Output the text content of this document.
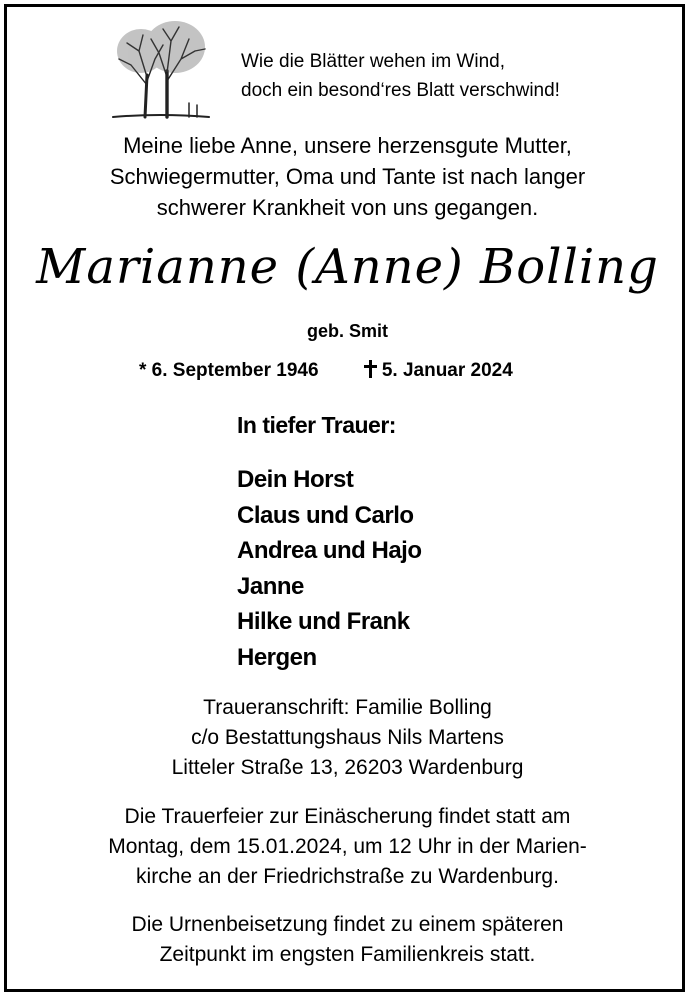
Wie die Blätter wehen im Wind,
doch ein besond‘res Blatt verschwind!
Meine liebe Anne, unsere herzensgute Mutter,
Schwiegermutter, Oma und Tante ist nach langer
schwerer Krankheit von uns gegangen.
Marianne (Anne) Bolling
geb. Smit
* 6. September 1946	5. Januar 2024
In tiefer Trauer:
Dein Horst
Claus und Carlo
Andrea und Hajo
Janne
Hilke und Frank
Hergen
Traueranschrift: Familie Bolling
c/o Bestattungshaus Nils Martens
Litteler Straße 13, 26203 Wardenburg
Die Trauerfeier zur Einäscherung findet statt am
Montag, dem 15.01.2024, um 12 Uhr in der Marien-
kirche an der Friedrichstraße zu Wardenburg.
Die Urnenbeisetzung findet zu einem späteren
Zeitpunkt im engsten Familienkreis statt.
